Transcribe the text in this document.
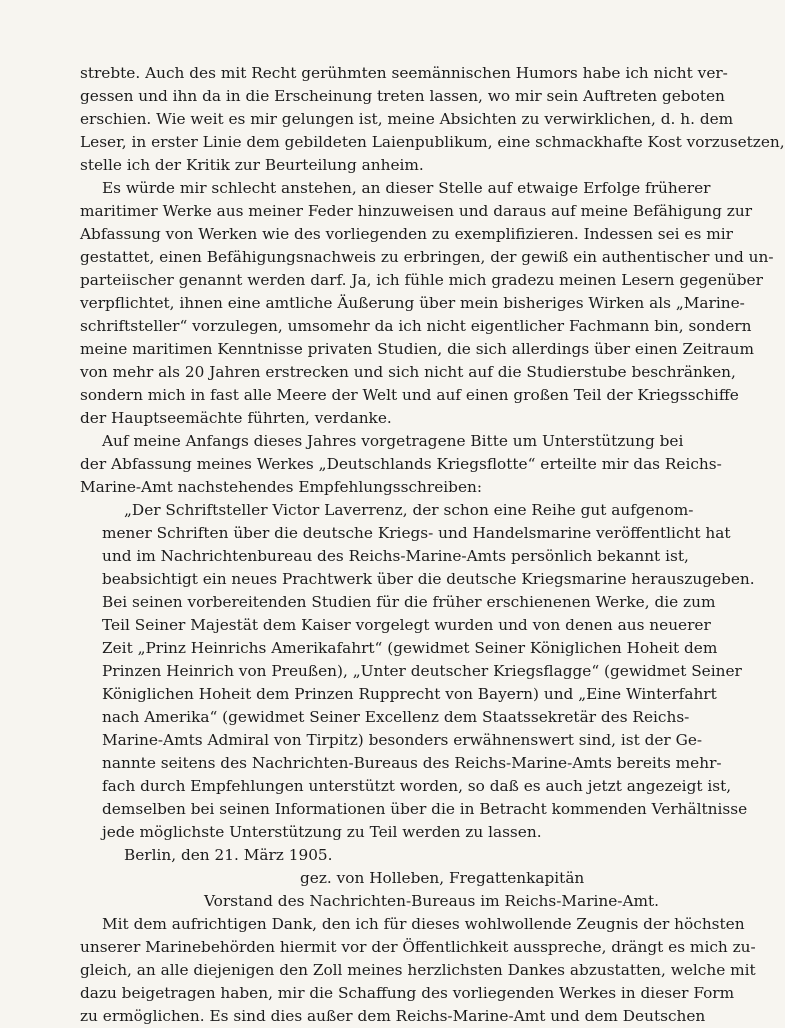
strebte. Auch des mit Recht gerühmten seemännischen Humors habe ich nicht ver-
gessen und ihn da in die Erscheinung treten lassen, wo mir sein Auftreten geboten
erschien. Wie weit es mir gelungen ist, meine Absichten zu verwirklichen, d. h. dem
Leser, in erster Linie dem gebildeten Laienpublikum, eine schmackhafte Kost vorzusetzen,
stelle ich der Kritik zur Beurteilung anheim.
Es würde mir schlecht anstehen, an dieser Stelle auf etwaige Erfolge früherer
maritimer Werke aus meiner Feder hinzuweisen und daraus auf meine Befähigung zur
Abfassung von Werken wie des vorliegenden zu exemplifizieren. Indessen sei es mir
gestattet, einen Befähigungsnachweis zu erbringen, der gewiß ein authentischer und un-
parteiischer genannt werden darf. Ja, ich fühle mich gradezu meinen Lesern gegenüber
verpflichtet, ihnen eine amtliche Äußerung über mein bisheriges Wirken als „Marine-
schriftsteller“ vorzulegen, umsomehr da ich nicht eigentlicher Fachmann bin, sondern
meine maritimen Kenntnisse privaten Studien, die sich allerdings über einen Zeitraum
von mehr als 20 Jahren erstrecken und sich nicht auf die Studierstube beschränken,
sondern mich in fast alle Meere der Welt und auf einen großen Teil der Kriegsschiffe
der Hauptseemächte führten, verdanke.
Auf meine Anfangs dieses Jahres vorgetragene Bitte um Unterstützung bei
der Abfassung meines Werkes „Deutschlands Kriegsflotte“ erteilte mir das Reichs-
Marine-Amt nachstehendes Empfehlungsschreiben:
„Der Schriftsteller Victor Laverrenz, der schon eine Reihe gut aufgenom-
mener Schriften über die deutsche Kriegs- und Handelsmarine veröffentlicht hat
und im Nachrichtenbureau des Reichs-Marine-Amts persönlich bekannt ist,
beabsichtigt ein neues Prachtwerk über die deutsche Kriegsmarine herauszugeben.
Bei seinen vorbereitenden Studien für die früher erschienenen Werke, die zum
Teil Seiner Majestät dem Kaiser vorgelegt wurden und von denen aus neuerer
Zeit „Prinz Heinrichs Amerikafahrt“ (gewidmet Seiner Königlichen Hoheit dem
Prinzen Heinrich von Preußen), „Unter deutscher Kriegsflagge“ (gewidmet Seiner
Königlichen Hoheit dem Prinzen Rupprecht von Bayern) und „Eine Winterfahrt
nach Amerika“ (gewidmet Seiner Excellenz dem Staatssekretär des Reichs-
Marine-Amts Admiral von Tirpitz) besonders erwähnenswert sind, ist der Ge-
nannte seitens des Nachrichten-Bureaus des Reichs-Marine-Amts bereits mehr-
fach durch Empfehlungen unterstützt worden, so daß es auch jetzt angezeigt ist,
demselben bei seinen Informationen über die in Betracht kommenden Verhältnisse
jede möglichste Unterstützung zu Teil werden zu lassen.
Berlin, den 21. März 1905.
gez. von Holleben, Fregattenkapitän
Vorstand des Nachrichten-Bureaus im Reichs-Marine-Amt.
Mit dem aufrichtigen Dank, den ich für dieses wohlwollende Zeugnis der höchsten
unserer Marinebehörden hiermit vor der Öffentlichkeit ausspreche, drängt es mich zu-
gleich, an alle diejenigen den Zoll meines herzlichsten Dankes abzustatten, welche mit
dazu beigetragen haben, mir die Schaffung des vorliegenden Werkes in dieser Form
zu ermöglichen. Es sind dies außer dem Reichs-Marine-Amt und dem Deutschen
